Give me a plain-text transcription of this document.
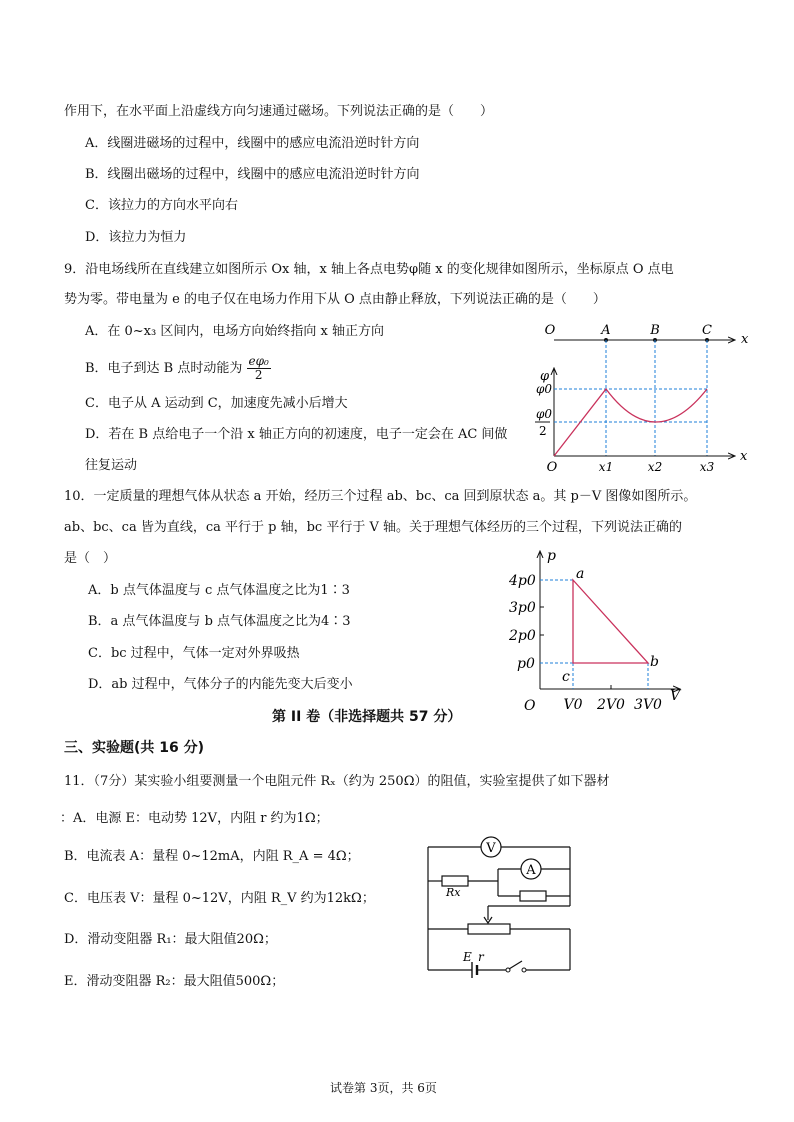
作用下，在水平面上沿虚线方向匀速通过磁场。下列说法正确的是（　　）
A．线圈进磁场的过程中，线圈中的感应电流沿逆时针方向
B．线圈出磁场的过程中，线圈中的感应电流沿逆时针方向
C．该拉力的方向水平向右
D．该拉力为恒力
9．沿电场线所在直线建立如图所示 Ox 轴，x 轴上各点电势φ随 x 的变化规律如图所示，坐标原点 O 点电
势为零。带电量为 e 的电子仅在电场力作用下从 O 点由静止释放，下列说法正确的是（　　）
A．在 0~x₃ 区间内，电场方向始终指向 x 轴正方向
B．电子到达 B 点时动能为 $\frac{\text{eφ₀}}{2}$
C．电子从 A 运动到 C，加速度先减小后增大
D．若在 B 点给电子一个沿 x 轴正方向的初速度，电子一定会在 AC 间做
往复运动
O	A	B	C
x
φ
φ0
φ0
2
O	x1	x2	x3
x
10．一定质量的理想气体从状态 a 开始，经历三个过程 ab、bc、ca 回到原状态 a。其 p－V 图像如图所示。
ab、bc、ca 皆为直线，ca 平行于 p 轴，bc 平行于 V 轴。关于理想气体经历的三个过程，下列说法正确的
是（　）
A．b 点气体温度与 c 点气体温度之比为1∶3
B．a 点气体温度与 b 点气体温度之比为4∶3
C．bc 过程中，气体一定对外界吸热
D．ab 过程中，气体分子的内能先变大后变小
p
V
O
4p0
3p0
2p0
p0
V0 2V0 3V0
a
b
c
第 II 卷（非选择题共 57 分）
三、实验题(共 16 分)
11．（7分）某实验小组要测量一个电阻元件 Rₓ（约为 250Ω）的阻值，实验室提供了如下器材
：A．电源 E：电动势 12V，内阻 r 约为1Ω；
B．电流表 A：量程 0~12mA，内阻 R_A = 4Ω；
C．电压表 V：量程 0~12V，内阻 R_V 约为12kΩ；
D．滑动变阻器 R₁：最大阻值20Ω；
E．滑动变阻器 R₂：最大阻值500Ω；
V
Rx
A
E r
试卷第 3页，共 6页
